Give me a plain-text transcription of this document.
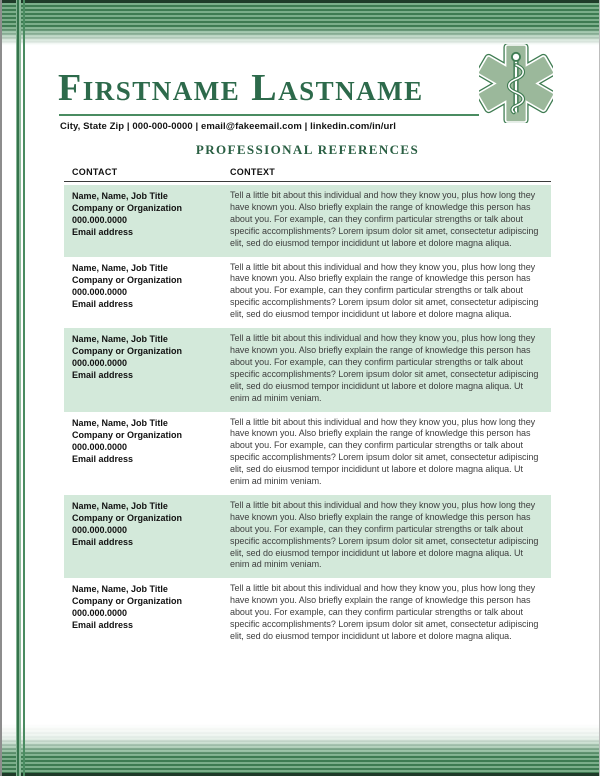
Firstname Lastname
City, State Zip | 000-000-0000 | email@fakeemail.com | linkedin.com/in/url
PROFESSIONAL REFERENCES
CONTACT	CONTEXT
Name, Name, Job Title
Company or Organization
000.000.0000
Email address
Tell a little bit about this individual and how they know you, plus how long they have known you. Also briefly explain the range of knowledge this person has about you. For example, can they confirm particular strengths or talk about specific accomplishments? Lorem ipsum dolor sit amet, consectetur adipiscing elit, sed do eiusmod tempor incididunt ut labore et dolore magna aliqua.
Name, Name, Job Title
Company or Organization
000.000.0000
Email address
Tell a little bit about this individual and how they know you, plus how long they have known you. Also briefly explain the range of knowledge this person has about you. For example, can they confirm particular strengths or talk about specific accomplishments? Lorem ipsum dolor sit amet, consectetur adipiscing elit, sed do eiusmod tempor incididunt ut labore et dolore magna aliqua.
Name, Name, Job Title
Company or Organization
000.000.0000
Email address
Tell a little bit about this individual and how they know you, plus how long they have known you. Also briefly explain the range of knowledge this person has about you. For example, can they confirm particular strengths or talk about specific accomplishments? Lorem ipsum dolor sit amet, consectetur adipiscing elit, sed do eiusmod tempor incididunt ut labore et dolore magna aliqua. Ut enim ad minim veniam.
Name, Name, Job Title
Company or Organization
000.000.0000
Email address
Tell a little bit about this individual and how they know you, plus how long they have known you. Also briefly explain the range of knowledge this person has about you. For example, can they confirm particular strengths or talk about specific accomplishments? Lorem ipsum dolor sit amet, consectetur adipiscing elit, sed do eiusmod tempor incididunt ut labore et dolore magna aliqua. Ut enim ad minim veniam.
Name, Name, Job Title
Company or Organization
000.000.0000
Email address
Tell a little bit about this individual and how they know you, plus how long they have known you. Also briefly explain the range of knowledge this person has about you. For example, can they confirm particular strengths or talk about specific accomplishments? Lorem ipsum dolor sit amet, consectetur adipiscing elit, sed do eiusmod tempor incididunt ut labore et dolore magna aliqua. Ut enim ad minim veniam.
Name, Name, Job Title
Company or Organization
000.000.0000
Email address
Tell a little bit about this individual and how they know you, plus how long they have known you. Also briefly explain the range of knowledge this person has about you. For example, can they confirm particular strengths or talk about specific accomplishments? Lorem ipsum dolor sit amet, consectetur adipiscing elit, sed do eiusmod tempor incididunt ut labore et dolore magna aliqua.
